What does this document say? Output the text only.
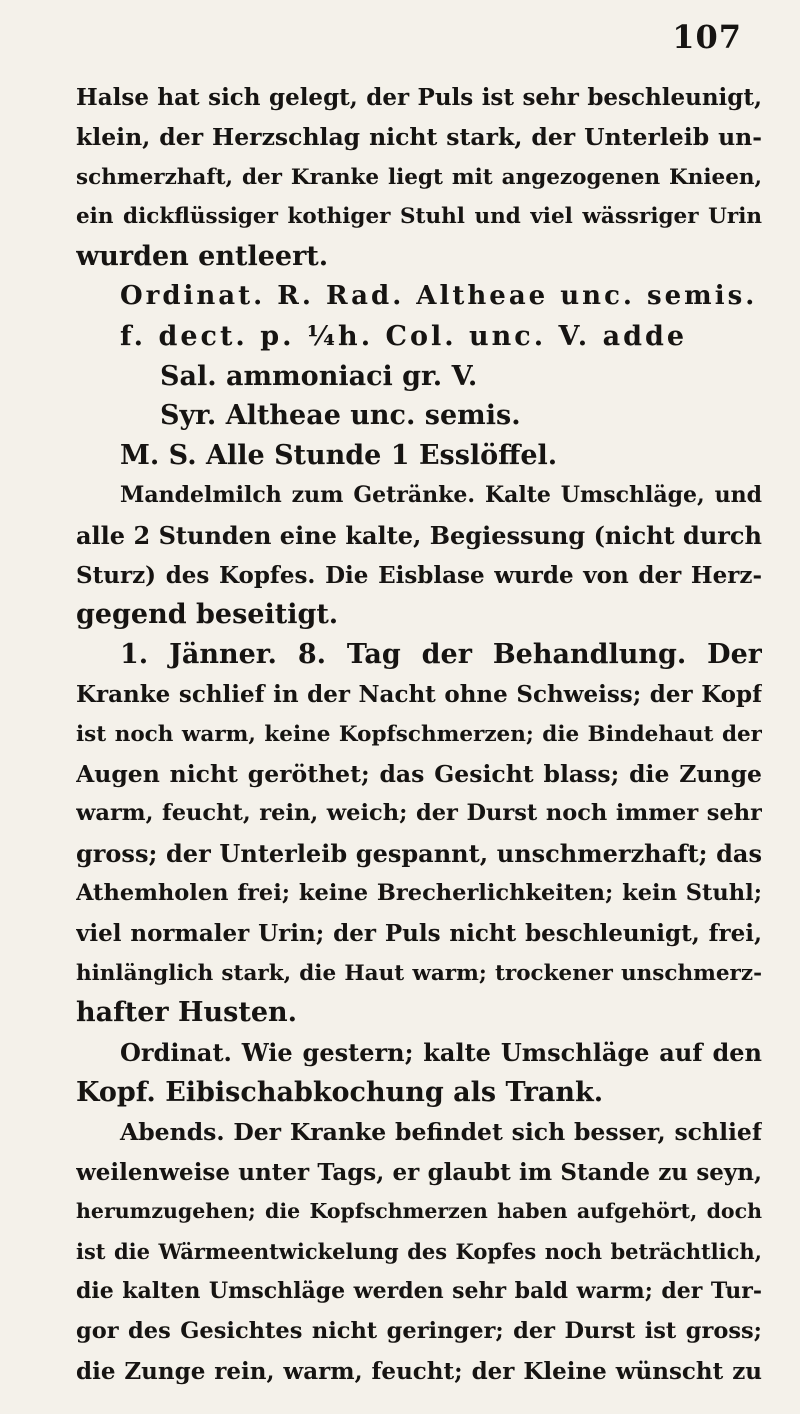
107
Halse hat sich gelegt, der Puls ist sehr beschleunigt,
klein, der Herzschlag nicht stark, der Unterleib un-
schmerzhaft, der Kranke liegt mit angezogenen Knieen,
ein dickflüssiger kothiger Stuhl und viel wässriger Urin
wurden entleert.
Ordinat. R. Rad. Altheae unc. semis.
f. dect. p. ¼h. Col. unc. V. adde
Sal. ammoniaci gr. V.
Syr. Altheae unc. semis.
M. S. Alle Stunde 1 Esslöffel.
Mandelmilch zum Getränke. Kalte Umschläge, und
alle 2 Stunden eine kalte, Begiessung (nicht durch
Sturz) des Kopfes. Die Eisblase wurde von der Herz-
gegend beseitigt.
1. Jänner. 8. Tag der Behandlung. Der
Kranke schlief in der Nacht ohne Schweiss; der Kopf
ist noch warm, keine Kopfschmerzen; die Bindehaut der
Augen nicht geröthet; das Gesicht blass; die Zunge
warm, feucht, rein, weich; der Durst noch immer sehr
gross; der Unterleib gespannt, unschmerzhaft; das
Athemholen frei; keine Brecherlichkeiten; kein Stuhl;
viel normaler Urin; der Puls nicht beschleunigt, frei,
hinlänglich stark, die Haut warm; trockener unschmerz-
hafter Husten.
Ordinat. Wie gestern; kalte Umschläge auf den
Kopf. Eibischabkochung als Trank.
Abends. Der Kranke befindet sich besser, schlief
weilenweise unter Tags, er glaubt im Stande zu seyn,
herumzugehen; die Kopfschmerzen haben aufgehört, doch
ist die Wärmeentwickelung des Kopfes noch beträchtlich,
die kalten Umschläge werden sehr bald warm; der Tur-
gor des Gesichtes nicht geringer; der Durst ist gross;
die Zunge rein, warm, feucht; der Kleine wünscht zu
